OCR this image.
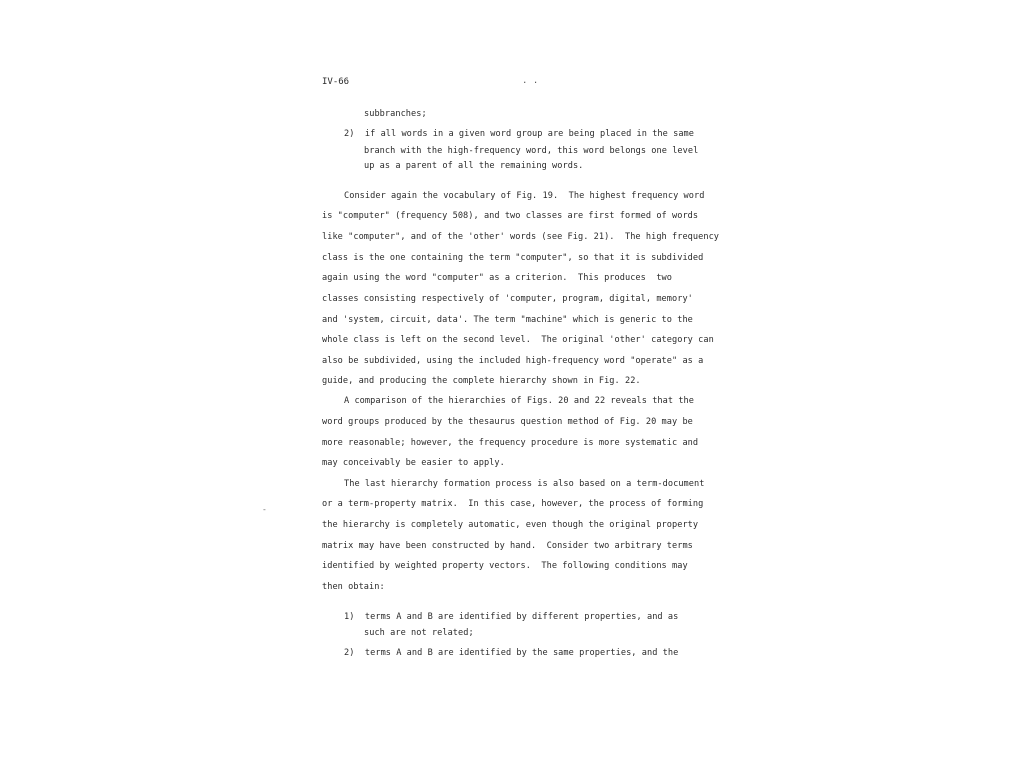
IV-66	. .
subbranches;
2)  if all words in a given word group are being placed in the same
branch with the high-frequency word, this word belongs one level
up as a parent of all the remaining words.
Consider again the vocabulary of Fig. 19.  The highest frequency word
is "computer" (frequency 508), and two classes are first formed of words
like "computer", and of the 'other' words (see Fig. 21).  The high frequency
class is the one containing the term "computer", so that it is subdivided
again using the word "computer" as a criterion.  This produces  two
classes consisting respectively of 'computer, program, digital, memory'
and 'system, circuit, data'. The term "machine" which is generic to the
whole class is left on the second level.  The original 'other' category can
also be subdivided, using the included high-frequency word "operate" as a
guide, and producing the complete hierarchy shown in Fig. 22.
A comparison of the hierarchies of Figs. 20 and 22 reveals that the
word groups produced by the thesaurus question method of Fig. 20 may be
more reasonable; however, the frequency procedure is more systematic and
may conceivably be easier to apply.
The last hierarchy formation process is also based on a term-document
or a term-property matrix.  In this case, however, the process of forming
the hierarchy is completely automatic, even though the original property
matrix may have been constructed by hand.  Consider two arbitrary terms
identified by weighted property vectors.  The following conditions may
then obtain:
1)  terms A and B are identified by different properties, and as
such are not related;
2)  terms A and B are identified by the same properties, and the
-
